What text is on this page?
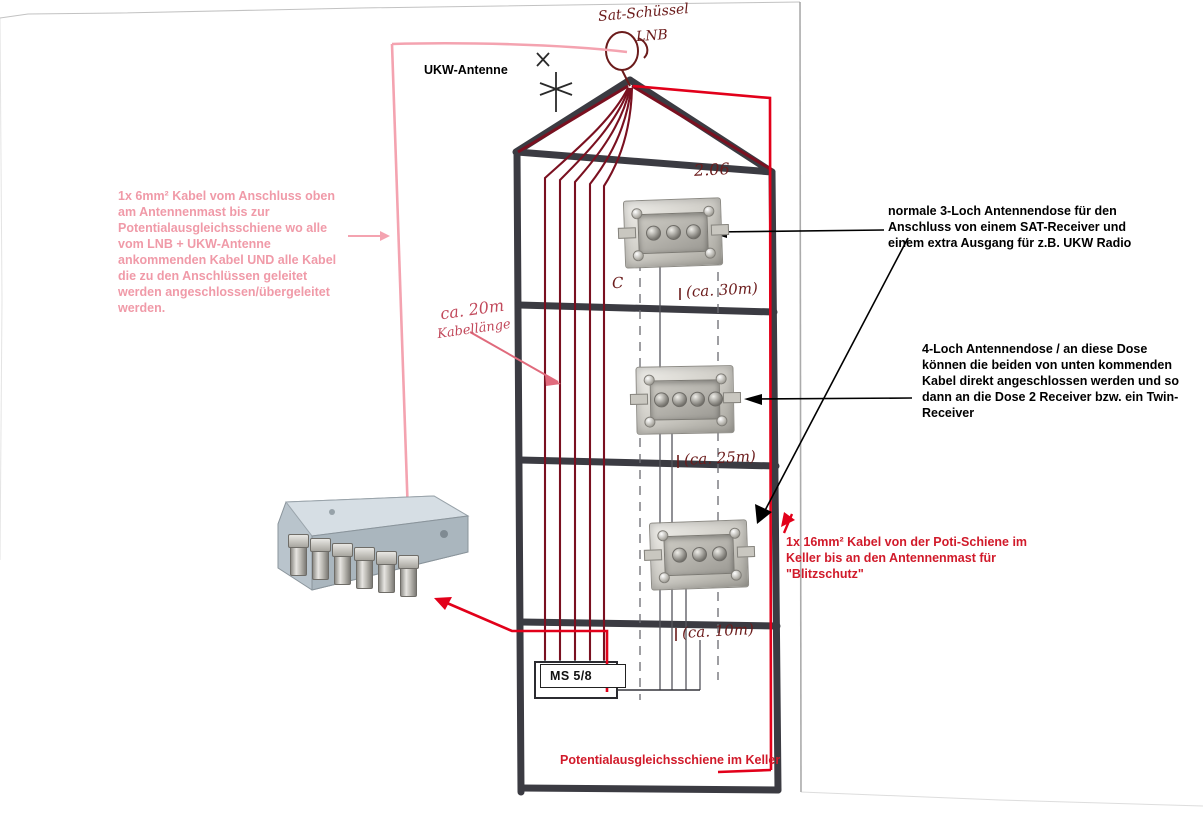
Sat-Schüssel
LNB
2.06
ca. 20m
Kabellänge
C	(ca. 30m)
(ca. 25m)
(ca. 10m)
UKW-Antenne
MS 5/8
1x 6mm² Kabel vom Anschluss oben am Antennenmast bis zur Potentialausgleichsschiene wo alle vom LNB + UKW-Antenne ankommenden Kabel UND alle Kabel die zu den Anschlüssen geleitet werden angeschlossen/übergeleitet werden.
normale 3-Loch Antennendose für den Anschluss von einem SAT-Receiver und einem extra Ausgang für z.B. UKW Radio
4-Loch Antennendose / an diese Dose können die beiden von unten kommenden Kabel direkt angeschlossen werden und so dann an die Dose 2 Receiver bzw. ein Twin-Receiver
1x 16mm² Kabel von der Poti-Schiene im Keller bis an den Antennenmast für "Blitzschutz"
Potentialausgleichsschiene im Keller
